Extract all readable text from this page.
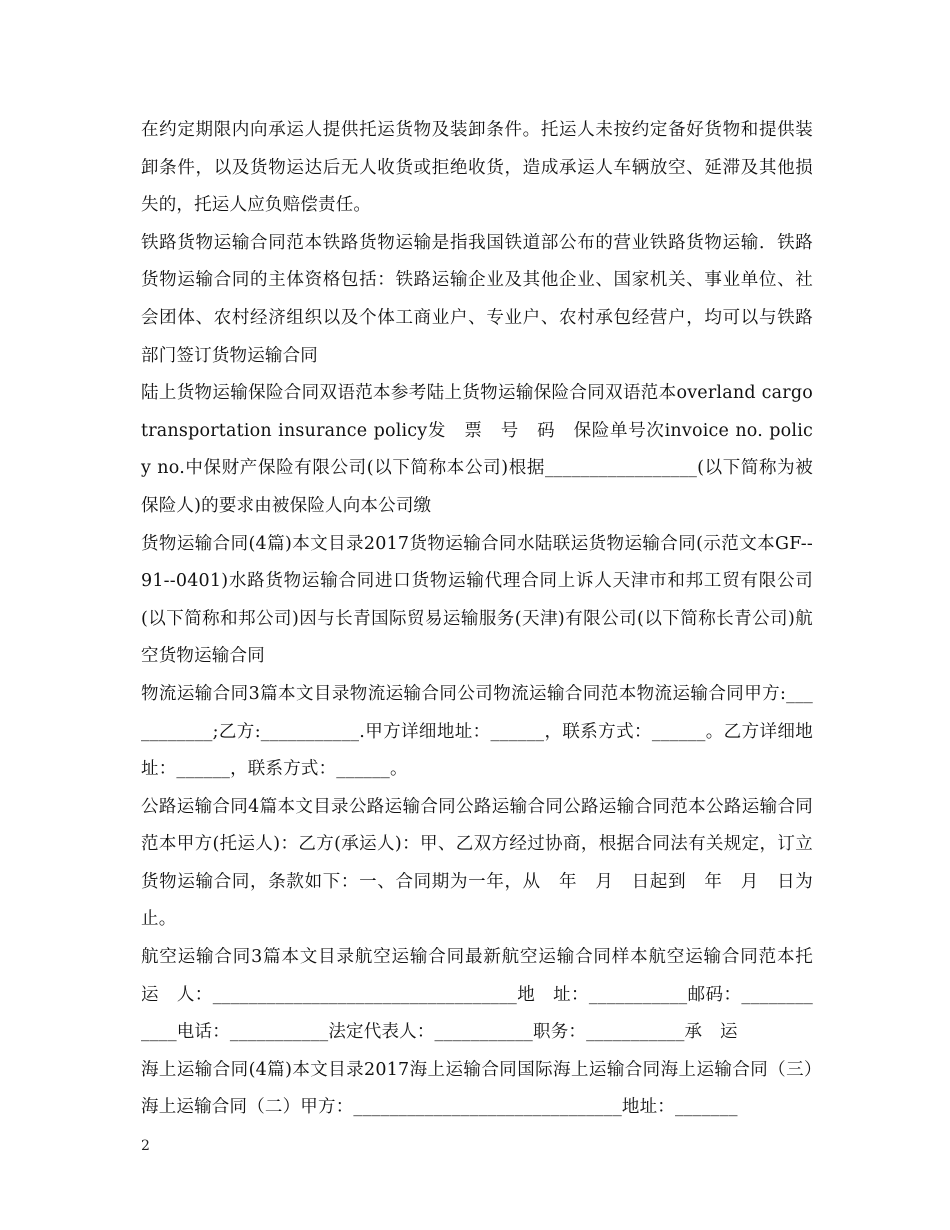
在约定期限内向承运人提供托运货物及装卸条件。托运人未按约定备好货物和提供装卸条件，以及货物运达后无人收货或拒绝收货，造成承运人车辆放空、延滞及其他损失的，托运人应负赔偿责任。

铁路货物运输合同范本铁路货物运输是指我国铁道部公布的营业铁路货物运输．铁路货物运输合同的主体资格包括：铁路运输企业及其他企业、国家机关、事业单位、社会团体、农村经济组织以及个体工商业户、专业户、农村承包经营户，均可以与铁路部门签订货物运输合同

陆上货物运输保险合同双语范本参考陆上货物运输保险合同双语范本overland cargo transportation insurance policy发　票　号　码　保险单号次invoice no. policy no.中保财产保险有限公司(以下简称本公司)根据_________________(以下简称为被保险人)的要求由被保险人向本公司缴

货物运输合同(4篇)本文目录2017货物运输合同水陆联运货物运输合同(示范文本GF--91--0401)水路货物运输合同进口货物运输代理合同上诉人天津市和邦工贸有限公司(以下简称和邦公司)因与长青国际贸易运输服务(天津)有限公司(以下简称长青公司)航空货物运输合同

物流运输合同3篇本文目录物流运输合同公司物流运输合同范本物流运输合同甲方:___________;乙方:___________.甲方详细地址：______，联系方式：______。乙方详细地址：______，联系方式：______。

公路运输合同4篇本文目录公路运输合同公路运输合同公路运输合同范本公路运输合同范本甲方(托运人)：乙方(承运人)：甲、乙双方经过协商，根据合同法有关规定，订立货物运输合同，条款如下：一、合同期为一年，从　年　月　日起到　年　月　日为止。

航空运输合同3篇本文目录航空运输合同最新航空运输合同样本航空运输合同范本托　运　人：__________________________________地　址：___________邮码：____________电话：___________法定代表人：___________职务：___________承　运

海上运输合同(4篇)本文目录2017海上运输合同国际海上运输合同海上运输合同（三）海上运输合同（二）甲方：______________________________地址：_______

2
